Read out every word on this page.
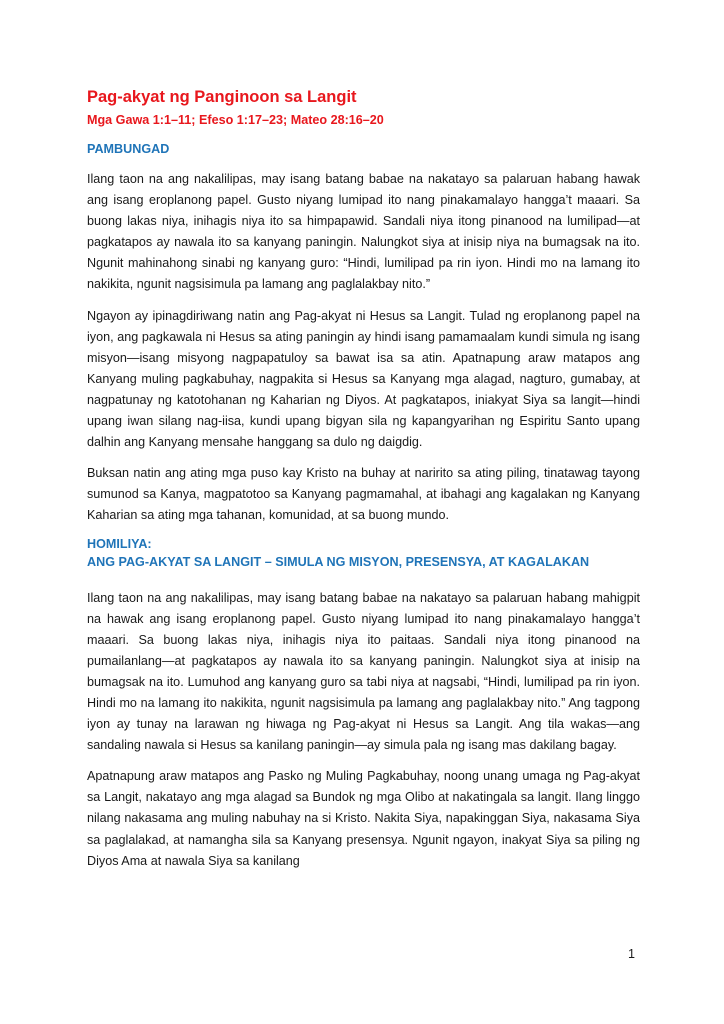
Pag-akyat ng Panginoon sa Langit
Mga Gawa 1:1–11; Efeso 1:17–23; Mateo 28:16–20
PAMBUNGAD

Ilang taon na ang nakalilipas, may isang batang babae na nakatayo sa palaruan habang hawak ang isang eroplanong papel. Gusto niyang lumipad ito nang pinakamalayo hangga’t maaari. Sa buong lakas niya, inihagis niya ito sa himpapawid. Sandali niya itong pinanood na lumilipad—at pagkatapos ay nawala ito sa kanyang paningin. Nalungkot siya at inisip niya na bumagsak na ito. Ngunit mahinahong sinabi ng kanyang guro: “Hindi, lumilipad pa rin iyon. Hindi mo na lamang ito nakikita, ngunit nagsisimula pa lamang ang paglalakbay nito.”

Ngayon ay ipinagdiriwang natin ang Pag-akyat ni Hesus sa Langit. Tulad ng eroplanong papel na iyon, ang pagkawala ni Hesus sa ating paningin ay hindi isang pamamaalam kundi simula ng isang misyon—isang misyong nagpapatuloy sa bawat isa sa atin. Apatnapung araw matapos ang Kanyang muling pagkabuhay, nagpakita si Hesus sa Kanyang mga alagad, nagturo, gumabay, at nagpatunay ng katotohanan ng Kaharian ng Diyos. At pagkatapos, iniakyat Siya sa langit—hindi upang iwan silang nag-iisa, kundi upang bigyan sila ng kapangyarihan ng Espiritu Santo upang dalhin ang Kanyang mensahe hanggang sa dulo ng daigdig.

Buksan natin ang ating mga puso kay Kristo na buhay at naririto sa ating piling, tinatawag tayong sumunod sa Kanya, magpatotoo sa Kanyang pagmamahal, at ibahagi ang kagalakan ng Kanyang Kaharian sa ating mga tahanan, komunidad, at sa buong mundo.

HOMILIYA:
ANG PAG-AKYAT SA LANGIT – SIMULA NG MISYON, PRESENSYA, AT KAGALAKAN

Ilang taon na ang nakalilipas, may isang batang babae na nakatayo sa palaruan habang mahigpit na hawak ang isang eroplanong papel. Gusto niyang lumipad ito nang pinakamalayo hangga’t maaari. Sa buong lakas niya, inihagis niya ito paitaas. Sandali niya itong pinanood na pumailanlang—at pagkatapos ay nawala ito sa kanyang paningin. Nalungkot siya at inisip na bumagsak na ito. Lumuhod ang kanyang guro sa tabi niya at nagsabi, “Hindi, lumilipad pa rin iyon. Hindi mo na lamang ito nakikita, ngunit nagsisimula pa lamang ang paglalakbay nito.” Ang tagpong iyon ay tunay na larawan ng hiwaga ng Pag-akyat ni Hesus sa Langit. Ang tila wakas—ang sandaling nawala si Hesus sa kanilang paningin—ay simula pala ng isang mas dakilang bagay.

Apatnapung araw matapos ang Pasko ng Muling Pagkabuhay, noong unang umaga ng Pag-akyat sa Langit, nakatayo ang mga alagad sa Bundok ng mga Olibo at nakatingala sa langit. Ilang linggo nilang nakasama ang muling nabuhay na si Kristo. Nakita Siya, napakinggan Siya, nakasama Siya sa paglalakad, at namangha sila sa Kanyang presensya. Ngunit ngayon, inakyat Siya sa piling ng Diyos Ama at nawala Siya sa kanilang

1
